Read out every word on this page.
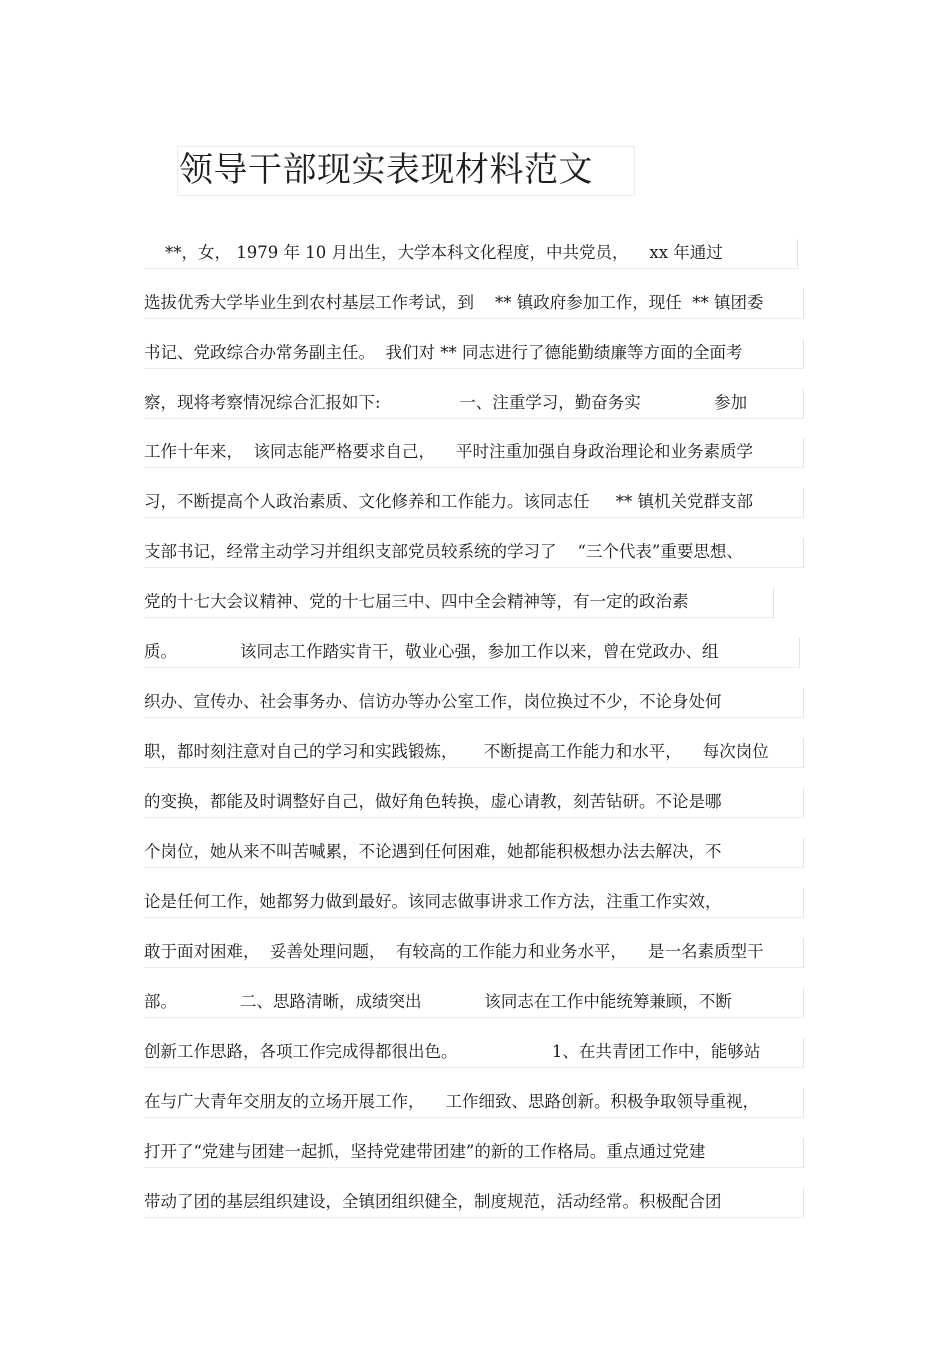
领导干部现实表现材料范文
**，女， 1979 年 10 月出生，大学本科文化程度，中共党员，    xx 年通过
选拔优秀大学毕业生到农村基层工作考试，到    ** 镇政府参加工作，现任  ** 镇团委
书记、党政综合办常务副主任。  我们对 ** 同志进行了德能勤绩廉等方面的全面考
察，现将考察情况综合汇报如下:               一、注重学习，勤奋务实              参加
工作十年来，  该同志能严格要求自己，    平时注重加强自身政治理论和业务素质学
习，不断提高个人政治素质、文化修养和工作能力。该同志任     ** 镇机关党群支部
支部书记，经常主动学习并组织支部党员较系统的学习了    “三个代表”重要思想、
党的十七大会议精神、党的十七届三中、四中全会精神等，有一定的政治素
质。            该同志工作踏实肯干，敬业心强，参加工作以来，曾在党政办、组
织办、宣传办、社会事务办、信访办等办公室工作，岗位换过不少，不论身处何
职，都时刻注意对自己的学习和实践锻炼，     不断提高工作能力和水平，    每次岗位
的变换，都能及时调整好自己，做好角色转换，虚心请教，刻苦钻研。不论是哪
个岗位，她从来不叫苦喊累，不论遇到任何困难，她都能积极想办法去解决，不
论是任何工作，她都努力做到最好。该同志做事讲求工作方法，注重工作实效，
敢于面对困难，  妥善处理问题，  有较高的工作能力和业务水平，    是一名素质型干
部。            二、思路清晰，成绩突出            该同志在工作中能统筹兼顾，不断
创新工作思路，各项工作完成得都很出色。                  1、在共青团工作中，能够站
在与广大青年交朋友的立场开展工作，    工作细致、思路创新。积极争取领导重视，
打开了“党建与团建一起抓，坚持党建带团建”的新的工作格局。重点通过党建
带动了团的基层组织建设，全镇团组织健全，制度规范，活动经常。积极配合团
